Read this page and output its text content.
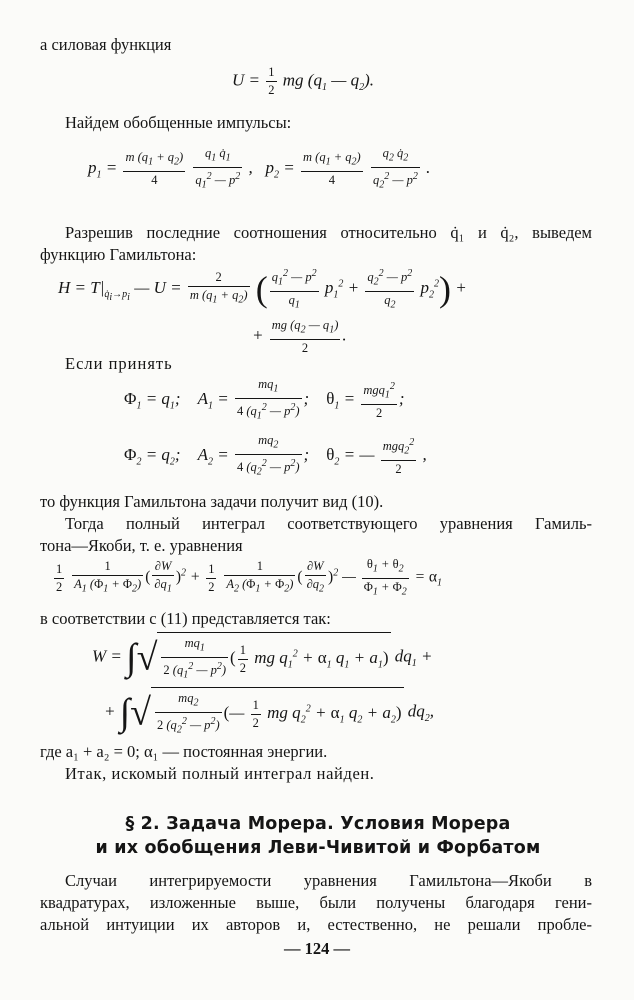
а силовая функция
$U = \frac{1}{2}$ mg ($q_1$ — $q_2$).
Найдем обобщенные импульсы:
$p_1 = \frac{m (q_1 + q_2)}{4}$
$\frac{q_1 q̇_1}{q_1^2 — p^2}$ ,   $p_2 = \frac{m (q_1 + q_2)}{4}$
$\frac{q_2 q̇_2}{q_2^2 — p^2}$ .
Разрешив последние соотношения относительно q̇₁ и q̇₂, выведем
функцию Гамильтона:
$H = T|_{q̇_i\to p_i}$ — $U = \frac{2}{m (q_1 + q_2)}$ ( $\frac{q_1^2 — p^2}{q_1} p_1^2 + \frac{q_2^2 — p^2}{q_2} p_2^2$) +
+ $\frac{mg (q_2 — q_1)}{2}$ .
Если принять
$\Phi_1 = q_1$;    $A_1 = \frac{mq_1}{4 (q_1^2 — p^2)}$ ;    $\theta_1 = \frac{mgq_1^2}{2}$ ;
$\Phi_2 = q_2$;    $A_2 = \frac{mq_2}{4 (q_2^2 — p^2)}$ ;    $\theta_2$ = — $\frac{mgq_2^2}{2}$ ,
то функция Гамильтона задачи получит вид (10).
Тогда полный интеграл соответствующего уравнения Гамиль-
тона—Якоби, т. е. уравнения
$\frac{1}{2}$
$\frac{1}{A_1 (\Phi_1 + \Phi_2)}$ ( $\frac{\partial W}{\partial q_1} )^2 + \frac{1}{2}$
$\frac{1}{A_2 (\Phi_1 + \Phi_2)}$ ( $\frac{\partial W}{\partial q_2} )^2$ — $\frac{\theta_1 + \theta_2}{\Phi_1 + \Phi_2} = \alpha_1$
в соответствии с (11) представляется так:
W = ∫√ $\frac{mq_1}{2 (q_1^2 — p^2)}$ ( $\frac{1}{2}$ mg $q_1^2 + \alpha_1$ $q_1 + a_1$) $dq_1$ +
+ ∫√ $\frac{mq_2}{2 (q_2^2 — p^2)}$ (— $\frac{1}{2}$ mg $q_2^2 + \alpha_1$ $q_2 + a_2$) $dq_2$,
где a₁ + a₂ = 0; α₁ — постоянная энергии.
Итак, искомый полный интеграл найден.
§ 2. Задача Морера. Условия Морера
и их обобщения Леви-Чивитой и Форбатом
Случаи интегрируемости уравнения Гамильтона—Якоби в
квадратурах, изложенные выше, были получены благодаря гени-
альной интуиции их авторов и, естественно, не решали пробле-
— 124 —
